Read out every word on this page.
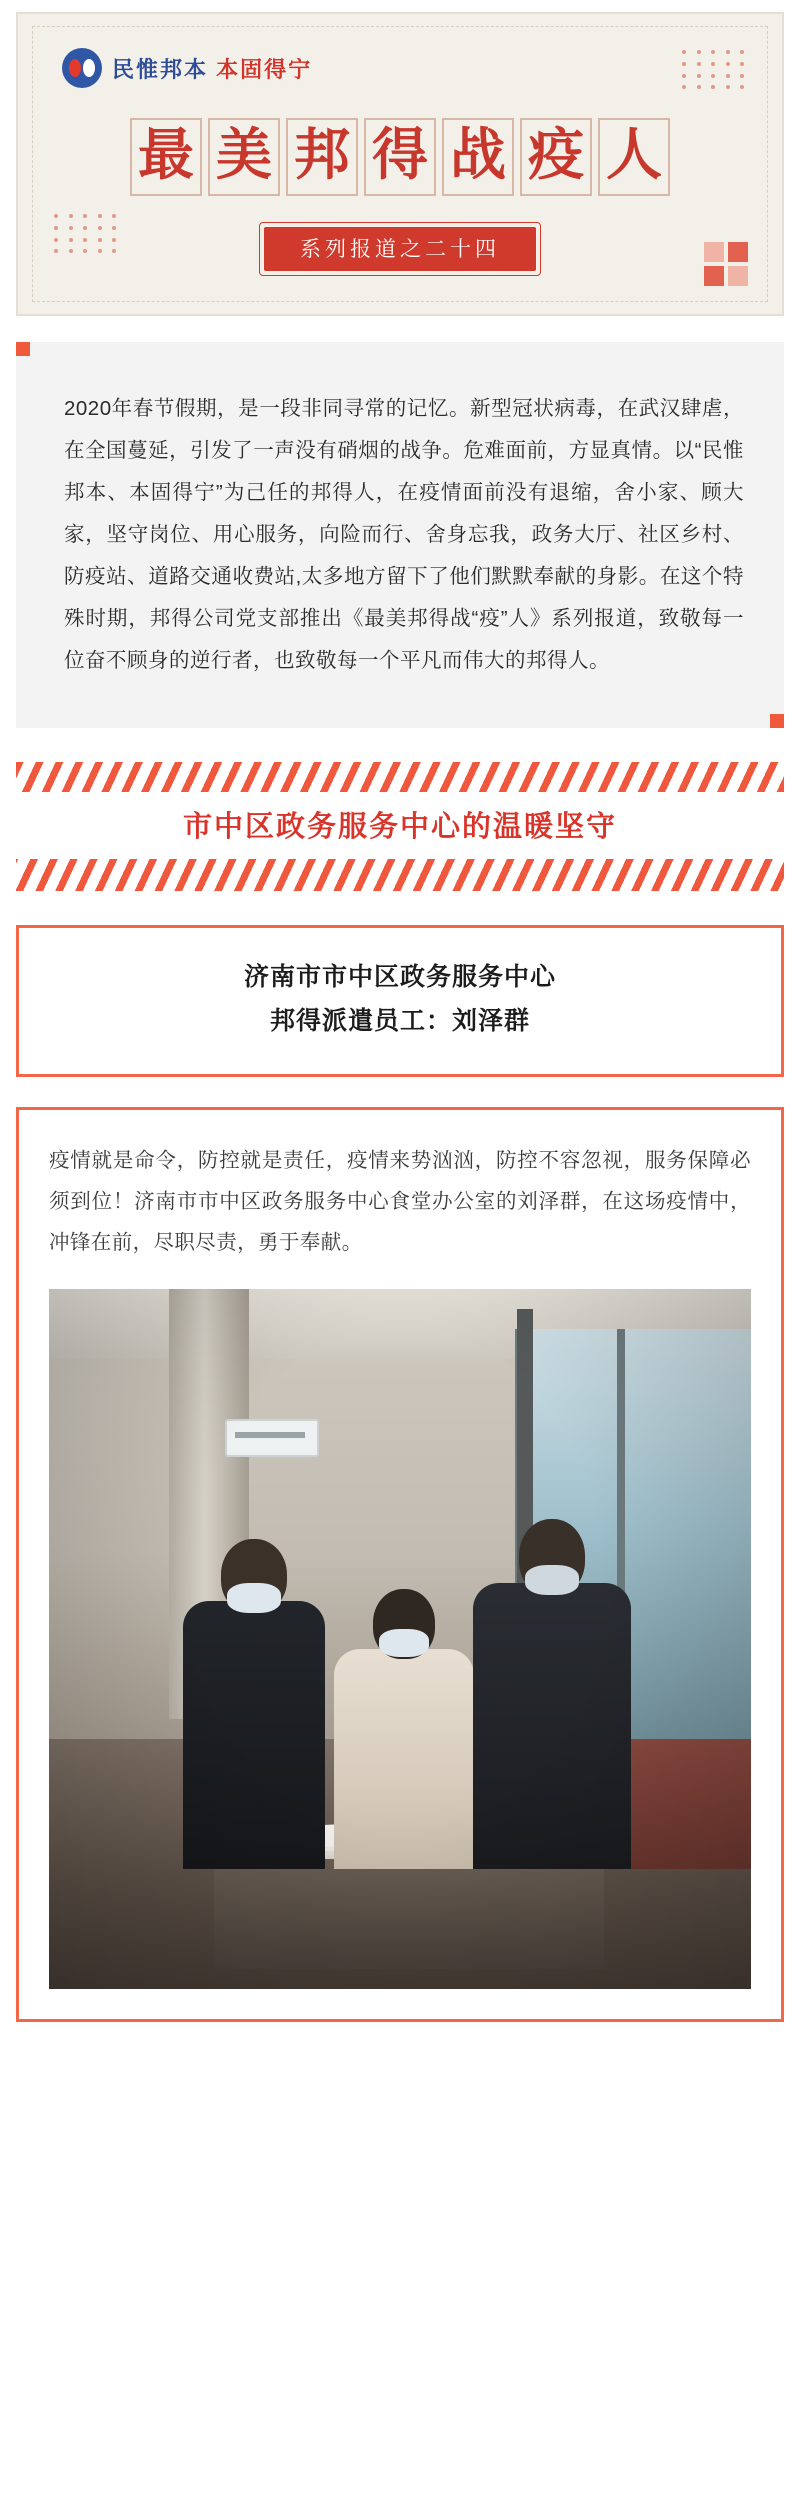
民惟邦本 本固得宁
最 美 邦 得 战 疫 人
系列报道之二十四
2020年春节假期，是一段非同寻常的记忆。新型冠状病毒，在武汉肆虐，在全国蔓延，引发了一声没有硝烟的战争。危难面前，方显真情。以“民惟邦本、本固得宁”为己任的邦得人，在疫情面前没有退缩，舍小家、顾大家，坚守岗位、用心服务，向险而行、舍身忘我，政务大厅、社区乡村、防疫站、道路交通收费站,太多地方留下了他们默默奉献的身影。在这个特殊时期，邦得公司党支部推出《最美邦得战“疫”人》系列报道，致敬每一位奋不顾身的逆行者，也致敬每一个平凡而伟大的邦得人。
市中区政务服务中心的温暖坚守
济南市市中区政务服务中心
邦得派遣员工：刘泽群
疫情就是命令，防控就是责任，疫情来势汹汹，防控不容忽视，服务保障必须到位！济南市市中区政务服务中心食堂办公室的刘泽群，在这场疫情中，冲锋在前，尽职尽责，勇于奉献。
